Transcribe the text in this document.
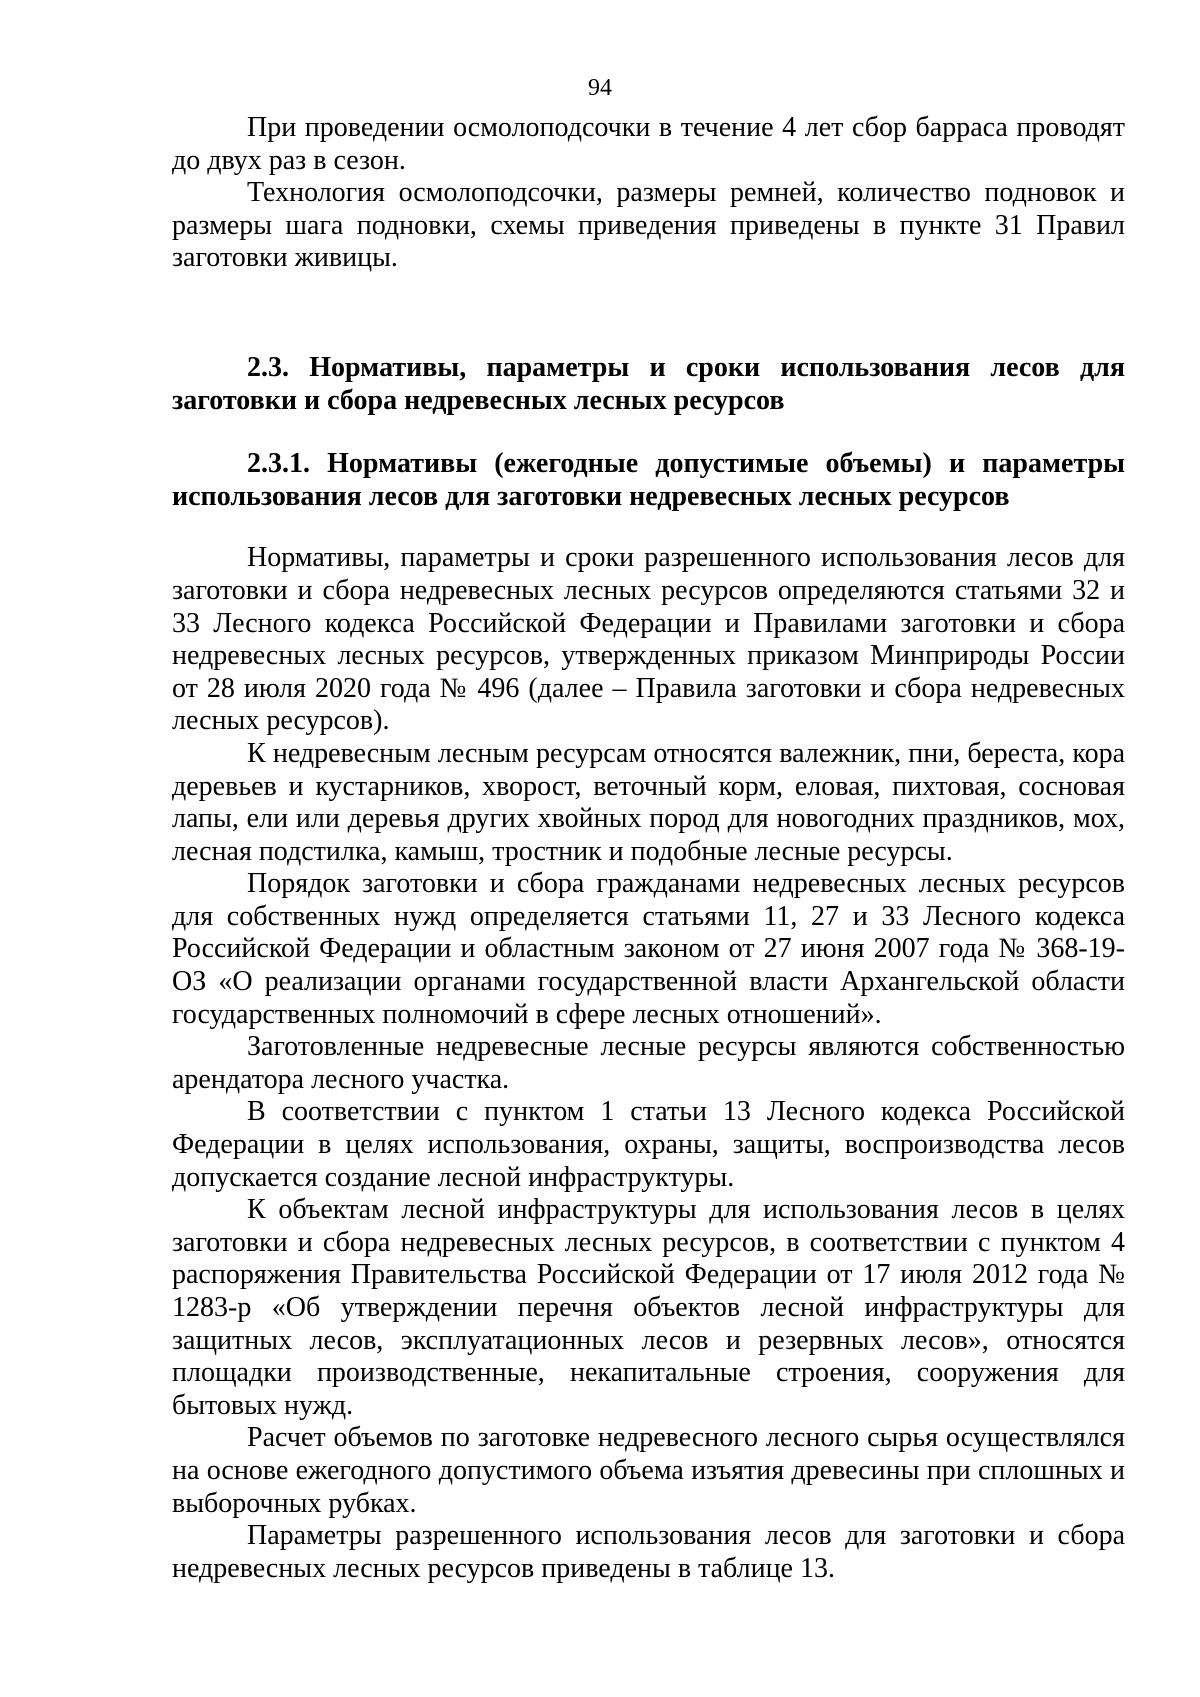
94

При проведении осмолоподсочки в течение 4 лет сбор барраса проводят до двух раз в сезон.

Технология осмолоподсочки, размеры ремней, количество подновок и размеры шага подновки, схемы приведения приведены в пункте 31 Правил заготовки живицы.

2.3. Нормативы, параметры и сроки использования лесов для заготовки и сбора недревесных лесных ресурсов
2.3.1. Нормативы (ежегодные допустимые объемы) и параметры использования лесов для заготовки недревесных лесных ресурсов

Нормативы, параметры и сроки разрешенного использования лесов для заготовки и сбора недревесных лесных ресурсов определяются статьями 32 и 33 Лесного кодекса Российской Федерации и Правилами заготовки и сбора недревесных лесных ресурсов, утвержденных приказом Минприроды России от 28 июля 2020 года № 496 (далее – Правила заготовки и сбора недревесных лесных ресурсов).

К недревесным лесным ресурсам относятся валежник, пни, береста, кора деревьев и кустарников, хворост, веточный корм, еловая, пихтовая, сосновая лапы, ели или деревья других хвойных пород для новогодних праздников, мох, лесная подстилка, камыш, тростник и подобные лесные ресурсы.

Порядок заготовки и сбора гражданами недревесных лесных ресурсов для собственных нужд определяется статьями 11, 27 и 33 Лесного кодекса Российской Федерации и областным законом от 27 июня 2007 года № 368-19-ОЗ «О реализации органами государственной власти Архангельской области государственных полномочий в сфере лесных отношений».

Заготовленные недревесные лесные ресурсы являются собственностью арендатора лесного участка.

В соответствии с пунктом 1 статьи 13 Лесного кодекса Российской Федерации в целях использования, охраны, защиты, воспроизводства лесов допускается создание лесной инфраструктуры.

К объектам лесной инфраструктуры для использования лесов в целях заготовки и сбора недревесных лесных ресурсов, в соответствии с пунктом 4 распоряжения Правительства Российской Федерации от 17 июля 2012 года № 1283-р «Об утверждении перечня объектов лесной инфраструктуры для защитных лесов, эксплуатационных лесов и резервных лесов», относятся площадки производственные, некапитальные строения, сооружения для бытовых нужд.

Расчет объемов по заготовке недревесного лесного сырья осуществлялся на основе ежегодного допустимого объема изъятия древесины при сплошных и выборочных рубках.

Параметры разрешенного использования лесов для заготовки и сбора недревесных лесных ресурсов приведены в таблице 13.
